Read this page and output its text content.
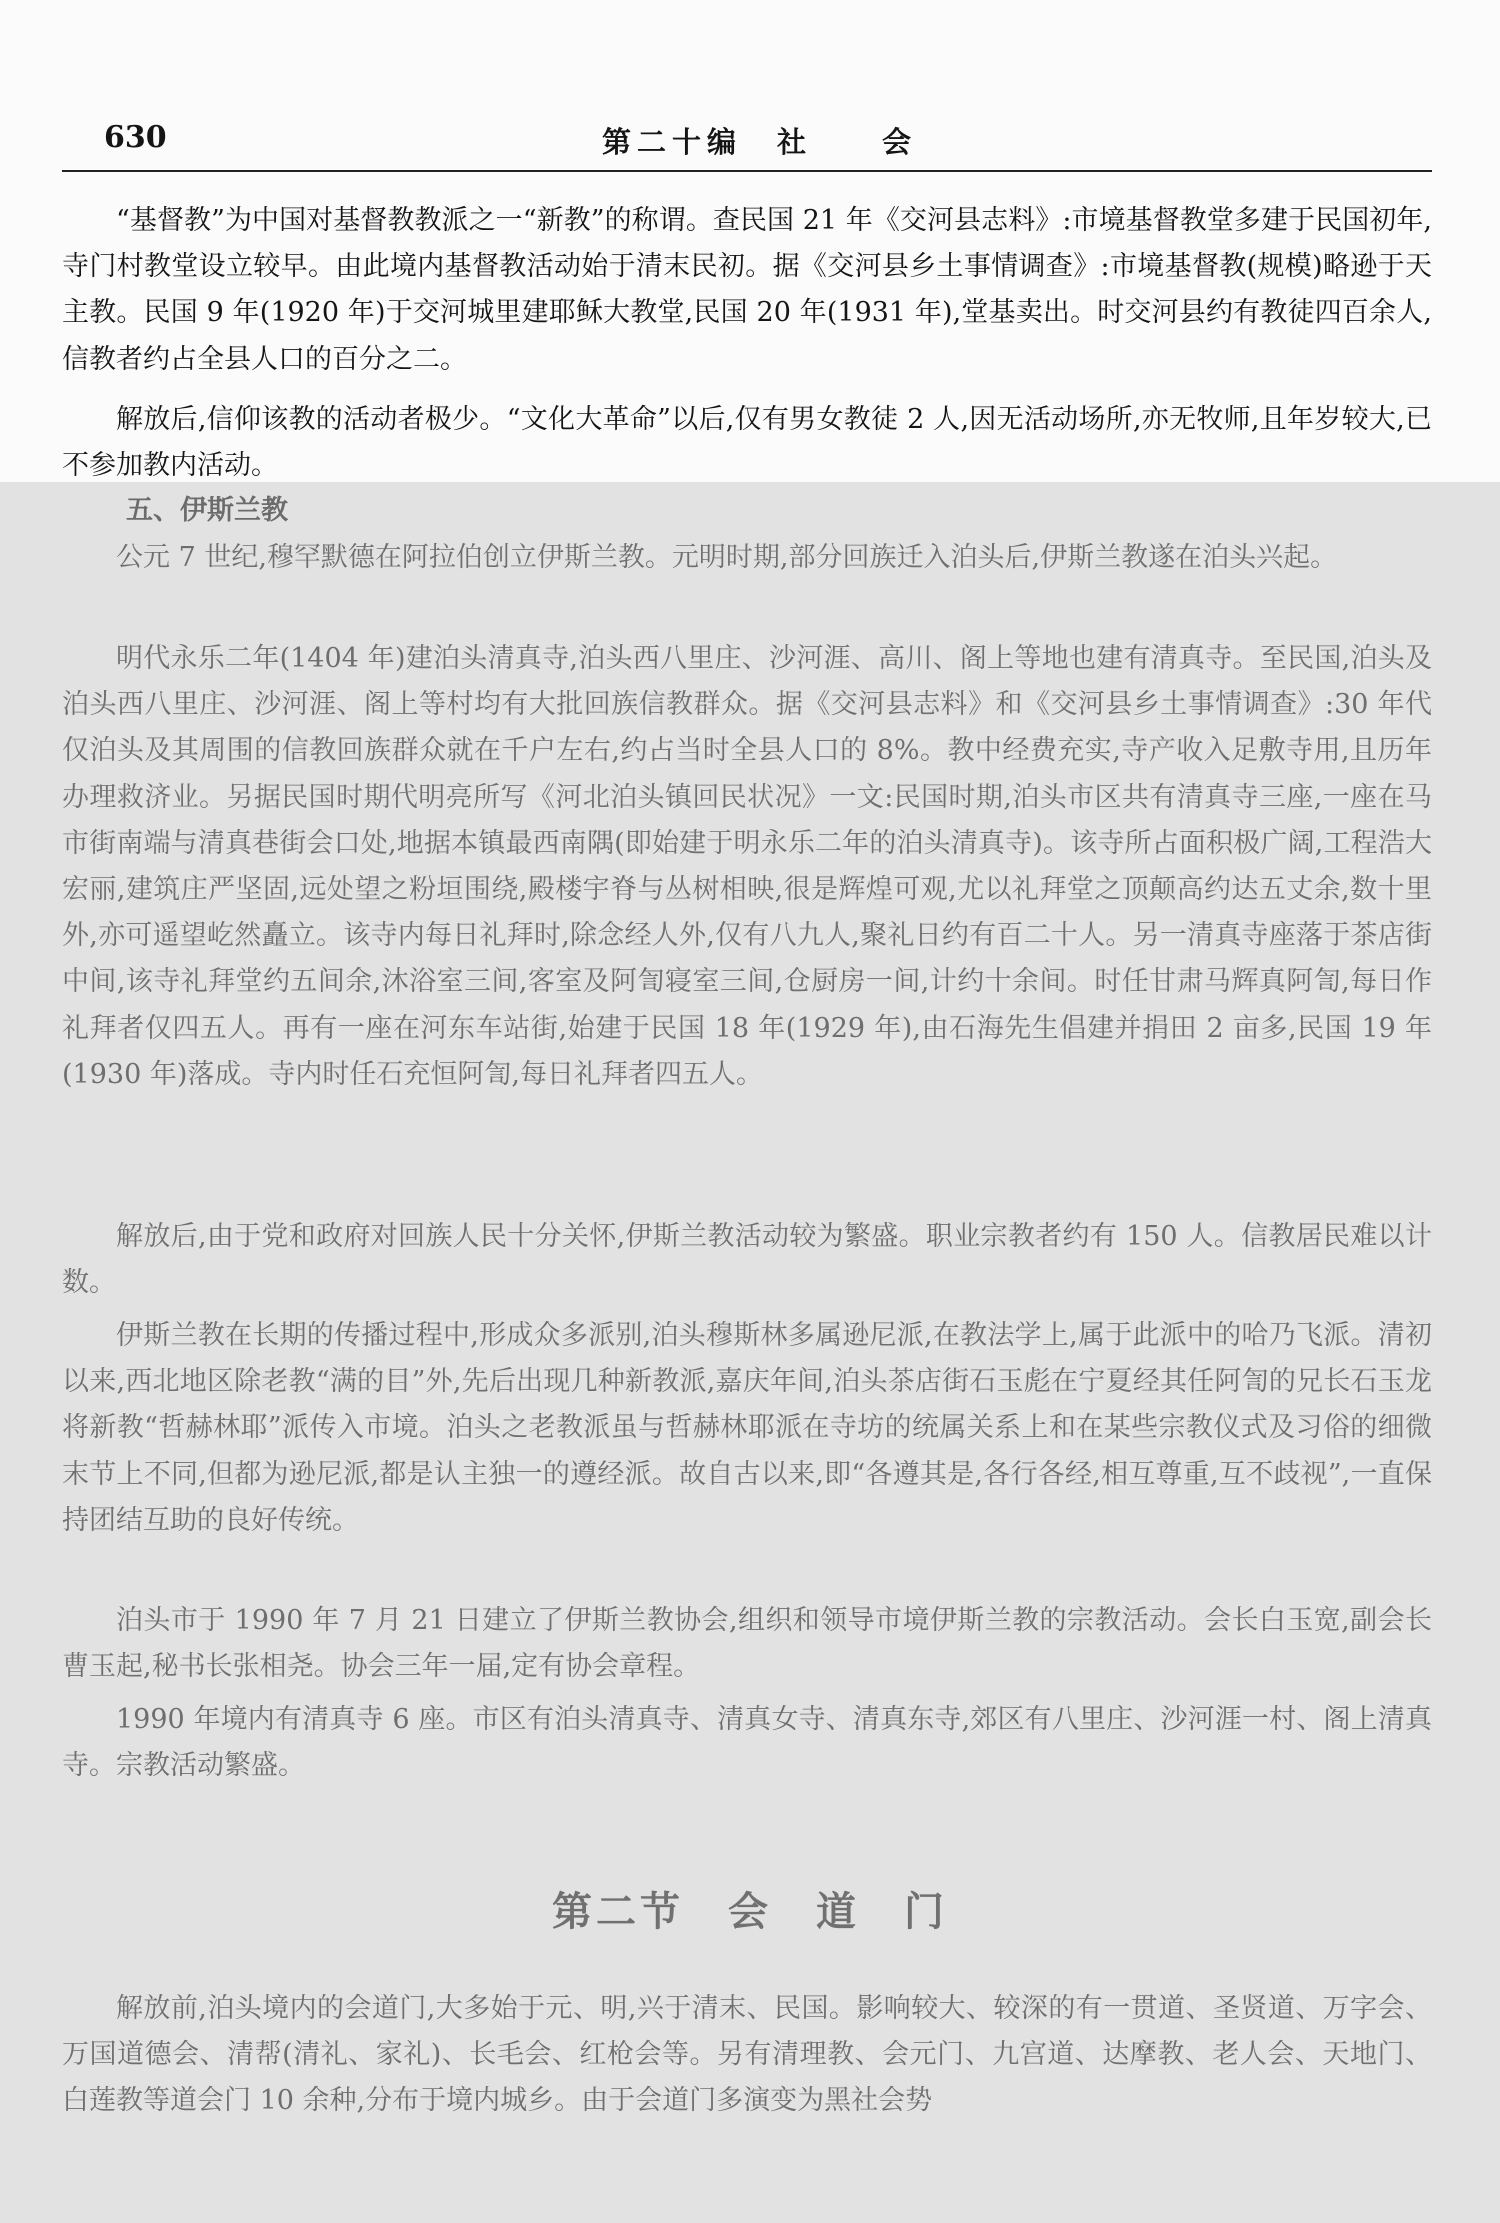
630	第二十编　社　　会

“基督教”为中国对基督教教派之一“新教”的称谓。查民国 21 年《交河县志料》:市境基督教堂多建于民国初年,寺门村教堂设立较早。由此境内基督教活动始于清末民初。据《交河县乡土事情调查》:市境基督教(规模)略逊于天主教。民国 9 年(1920 年)于交河城里建耶稣大教堂,民国 20 年(1931 年),堂基卖出。时交河县约有教徒四百余人,信教者约占全县人口的百分之二。

解放后,信仰该教的活动者极少。“文化大革命”以后,仅有男女教徒 2 人,因无活动场所,亦无牧师,且年岁较大,已不参加教内活动。

五、伊斯兰教

公元 7 世纪,穆罕默德在阿拉伯创立伊斯兰教。元明时期,部分回族迁入泊头后,伊斯兰教遂在泊头兴起。

明代永乐二年(1404 年)建泊头清真寺,泊头西八里庄、沙河涯、高川、阁上等地也建有清真寺。至民国,泊头及泊头西八里庄、沙河涯、阁上等村均有大批回族信教群众。据《交河县志料》和《交河县乡土事情调查》:30 年代仅泊头及其周围的信教回族群众就在千户左右,约占当时全县人口的 8%。教中经费充实,寺产收入足敷寺用,且历年办理救济业。另据民国时期代明亮所写《河北泊头镇回民状况》一文:民国时期,泊头市区共有清真寺三座,一座在马市街南端与清真巷街会口处,地据本镇最西南隅(即始建于明永乐二年的泊头清真寺)。该寺所占面积极广阔,工程浩大宏丽,建筑庄严坚固,远处望之粉垣围绕,殿楼宇脊与丛树相映,很是辉煌可观,尤以礼拜堂之顶颠高约达五丈余,数十里外,亦可遥望屹然矗立。该寺内每日礼拜时,除念经人外,仅有八九人,聚礼日约有百二十人。另一清真寺座落于茶店街中间,该寺礼拜堂约五间余,沐浴室三间,客室及阿訇寝室三间,仓厨房一间,计约十余间。时任甘肃马辉真阿訇,每日作礼拜者仅四五人。再有一座在河东车站街,始建于民国 18 年(1929 年),由石海先生倡建并捐田 2 亩多,民国 19 年(1930 年)落成。寺内时任石充恒阿訇,每日礼拜者四五人。

解放后,由于党和政府对回族人民十分关怀,伊斯兰教活动较为繁盛。职业宗教者约有 150 人。信教居民难以计数。

伊斯兰教在长期的传播过程中,形成众多派别,泊头穆斯林多属逊尼派,在教法学上,属于此派中的哈乃飞派。清初以来,西北地区除老教“满的目”外,先后出现几种新教派,嘉庆年间,泊头茶店街石玉彪在宁夏经其任阿訇的兄长石玉龙将新教“哲赫林耶”派传入市境。泊头之老教派虽与哲赫林耶派在寺坊的统属关系上和在某些宗教仪式及习俗的细微末节上不同,但都为逊尼派,都是认主独一的遵经派。故自古以来,即“各遵其是,各行各经,相互尊重,互不歧视”,一直保持团结互助的良好传统。

泊头市于 1990 年 7 月 21 日建立了伊斯兰教协会,组织和领导市境伊斯兰教的宗教活动。会长白玉宽,副会长曹玉起,秘书长张相尧。协会三年一届,定有协会章程。

1990 年境内有清真寺 6 座。市区有泊头清真寺、清真女寺、清真东寺,郊区有八里庄、沙河涯一村、阁上清真寺。宗教活动繁盛。

第二节　会　道　门

解放前,泊头境内的会道门,大多始于元、明,兴于清末、民国。影响较大、较深的有一贯道、圣贤道、万字会、万国道德会、清帮(清礼、家礼)、长毛会、红枪会等。另有清理教、会元门、九宫道、达摩教、老人会、天地门、白莲教等道会门 10 余种,分布于境内城乡。由于会道门多演变为黑社会势
